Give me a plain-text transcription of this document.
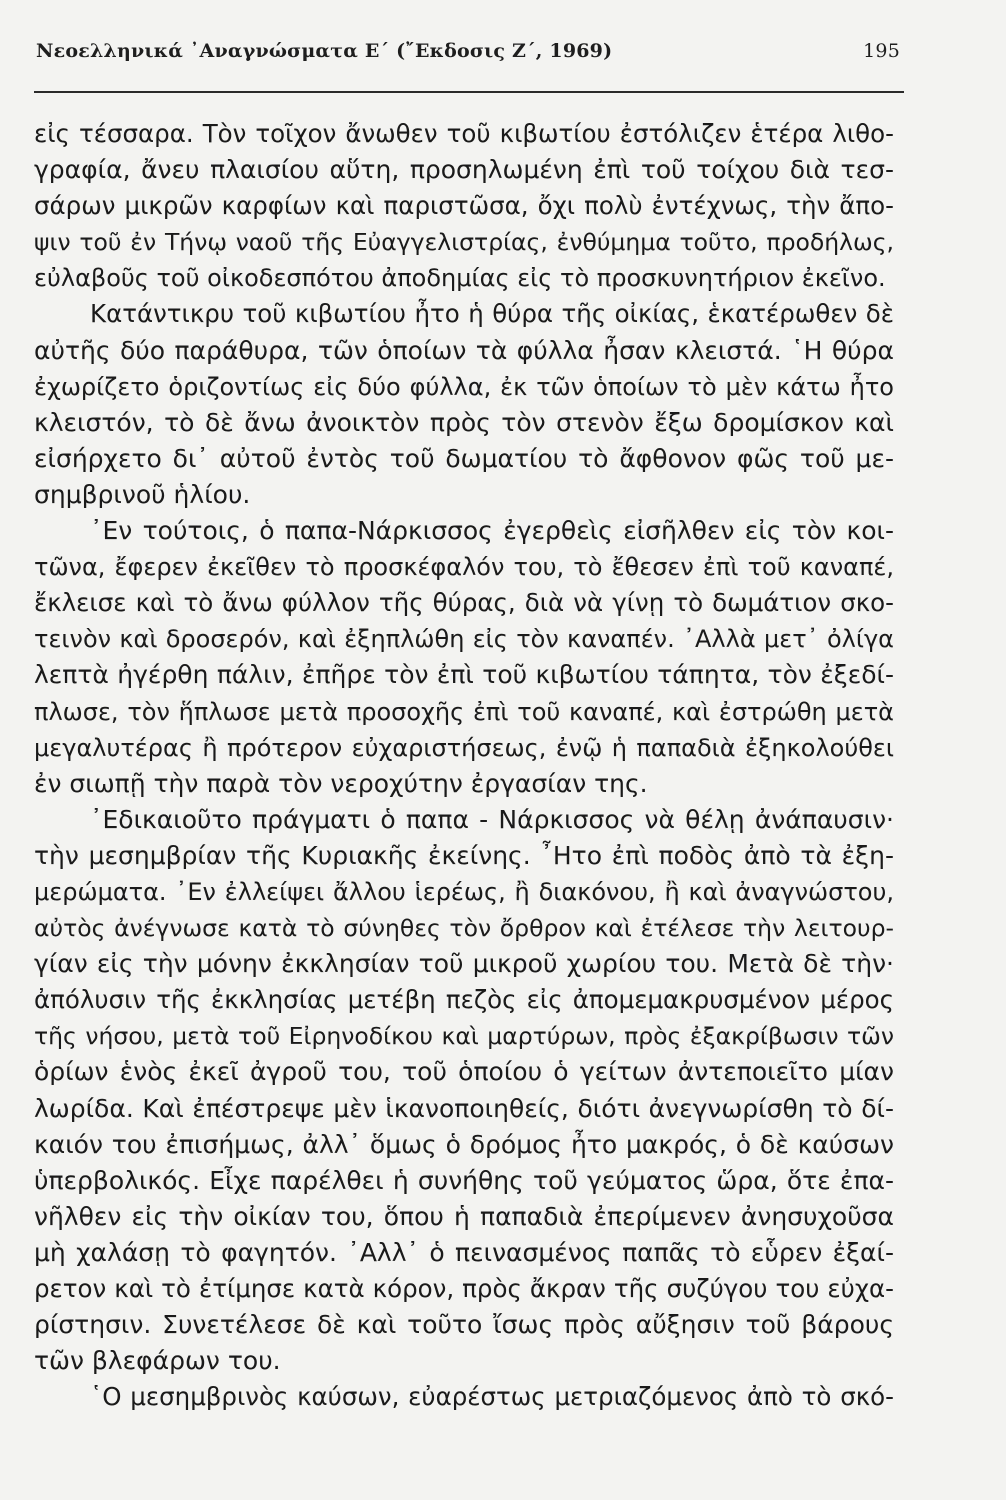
Νεοελληνικά ᾿Αναγνώσματα Ε΄ (῎Εκδοσις Ζ΄, 1969)	195
εἰς τέσσαρα. Τὸν τοῖχον ἄνωθεν τοῦ κιβωτίου ἐστόλιζεν ἑτέρα λιθο-
γραφία, ἄνευ πλαισίου αὕτη, προσηλωμένη ἐπὶ τοῦ τοίχου διὰ τεσ-
σάρων μικρῶν καρφίων καὶ παριστῶσα, ὄχι πολὺ ἐντέχνως, τὴν ἄπο-
ψιν τοῦ ἐν Τήνῳ ναοῦ τῆς Εὐαγγελιστρίας, ἐνθύμημα τοῦτο, προδήλως,
εὐλαβοῦς τοῦ οἰκοδεσπότου ἀποδημίας εἰς τὸ προσκυνητήριον ἐκεῖνο.
Κατάντικρυ τοῦ κιβωτίου ἦτο ἡ θύρα τῆς οἰκίας, ἑκατέρωθεν δὲ
αὐτῆς δύο παράθυρα, τῶν ὁποίων τὰ φύλλα ἦσαν κλειστά. ῾Η θύρα
ἐχωρίζετο ὁριζοντίως εἰς δύο φύλλα, ἐκ τῶν ὁποίων τὸ μὲν κάτω ἦτο
κλειστόν, τὸ δὲ ἄνω ἀνοικτὸν πρὸς τὸν στενὸν ἔξω δρομίσκον καὶ
εἰσήρχετο δι᾿ αὐτοῦ ἐντὸς τοῦ δωματίου τὸ ἄφθονον φῶς τοῦ με-
σημβρινοῦ ἡλίου.
᾿Εν τούτοις, ὁ παπα-Νάρκισσος ἐγερθεὶς εἰσῆλθεν εἰς τὸν κοι-
τῶνα, ἔφερεν ἐκεῖθεν τὸ προσκέφαλόν του, τὸ ἔθεσεν ἐπὶ τοῦ καναπέ,
ἔκλεισε καὶ τὸ ἄνω φύλλον τῆς θύρας, διὰ νὰ γίνῃ τὸ δωμάτιον σκο-
τεινὸν καὶ δροσερόν, καὶ ἐξηπλώθη εἰς τὸν καναπέν. ᾿Αλλὰ μετ᾿ ὀλίγα
λεπτὰ ἠγέρθη πάλιν, ἐπῆρε τὸν ἐπὶ τοῦ κιβωτίου τάπητα, τὸν ἐξεδί-
πλωσε, τὸν ἥπλωσε μετὰ προσοχῆς ἐπὶ τοῦ καναπέ, καὶ ἐστρώθη μετὰ
μεγαλυτέρας ἢ πρότερον εὐχαριστήσεως, ἐνῷ ἡ παπαδιὰ ἐξηκολούθει
ἐν σιωπῇ τὴν παρὰ τὸν νεροχύτην ἐργασίαν της.
᾿Εδικαιοῦτο πράγματι ὁ παπα - Νάρκισσος νὰ θέλῃ ἀνάπαυσιν·
τὴν μεσημβρίαν τῆς Κυριακῆς ἐκείνης. ῏Ητο ἐπὶ ποδὸς ἀπὸ τὰ ἐξη-
μερώματα. ᾿Εν ἐλλείψει ἄλλου ἱερέως, ἢ διακόνου, ἢ καὶ ἀναγνώστου,
αὐτὸς ἀνέγνωσε κατὰ τὸ σύνηθες τὸν ὄρθρον καὶ ἐτέλεσε τὴν λειτουρ-
γίαν εἰς τὴν μόνην ἐκκλησίαν τοῦ μικροῦ χωρίου του. Μετὰ δὲ τὴν·
ἀπόλυσιν τῆς ἐκκλησίας μετέβη πεζὸς εἰς ἀπομεμακρυσμένον μέρος
τῆς νήσου, μετὰ τοῦ Εἰρηνοδίκου καὶ μαρτύρων, πρὸς ἐξακρίβωσιν τῶν
ὁρίων ἑνὸς ἐκεῖ ἀγροῦ του, τοῦ ὁποίου ὁ γείτων ἀντεποιεῖτο μίαν
λωρίδα. Καὶ ἐπέστρεψε μὲν ἱκανοποιηθείς, διότι ἀνεγνωρίσθη τὸ δί-
καιόν του ἐπισήμως, ἀλλ᾿ ὅμως ὁ δρόμος ἦτο μακρός, ὁ δὲ καύσων
ὑπερβολικός. Εἶχε παρέλθει ἡ συνήθης τοῦ γεύματος ὥρα, ὅτε ἐπα-
νῆλθεν εἰς τὴν οἰκίαν του, ὅπου ἡ παπαδιὰ ἐπερίμενεν ἀνησυχοῦσα
μὴ χαλάσῃ τὸ φαγητόν. ᾿Αλλ᾿ ὁ πεινασμένος παπᾶς τὸ εὗρεν ἐξαί-
ρετον καὶ τὸ ἐτίμησε κατὰ κόρον, πρὸς ἄκραν τῆς συζύγου του εὐχα-
ρίστησιν. Συνετέλεσε δὲ καὶ τοῦτο ἴσως πρὸς αὔξησιν τοῦ βάρους
τῶν βλεφάρων του.
῾Ο μεσημβρινὸς καύσων, εὐαρέστως μετριαζόμενος ἀπὸ τὸ σκό-
